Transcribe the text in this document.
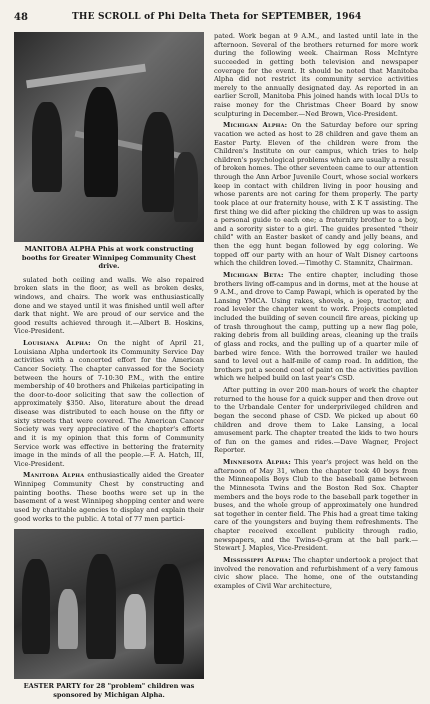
48	THE SCROLL of Phi Delta Theta for SEPTEMBER, 1964
MANITOBA ALPHA Phis at work constructing booths for Greater Winnipeg Community Chest drive.

sulated both ceiling and walls. We also repaired broken slats in the floor, as well as broken desks, windows, and chairs. The work was enthusiastically done and we stayed until it was finished until well after dark that night. We are proud of our service and the good results achieved through it.—Albert B. Hoskins, Vice-President.

Louisiana Alpha: On the night of April 21, Louisiana Alpha undertook its Community Service Day activities with a concerted effort for the American Cancer Society. The chapter canvassed for the Society between the hours of 7-10:30 P.M., with the entire membership of 40 brothers and Phikeias participating in the door-to-door soliciting that saw the collection of approximately $350. Also, literature about the dread disease was distributed to each house on the fifty or sixty streets that were covered. The American Cancer Society was very appreciative of the chapter's efforts and it is my opinion that this form of Community Service work was effective in bettering the fraternity image in the minds of all the people.—F. A. Hatch, III, Vice-President.

Manitoba Alpha enthusiastically aided the Greater Winnipeg Community Chest by constructing and painting booths. These booths were set up in the basement of a west Winnipeg shopping center and were used by charitable agencies to display and explain their good works to the public. A total of 77 men partici-

EASTER PARTY for 28 "problem" children was sponsored by Michigan Alpha.

pated. Work began at 9 A.M., and lasted until late in the afternoon. Several of the brothers returned for more work during the following week. Chairman Ross McIntyre succeeded in getting both television and newspaper coverage for the event. It should be noted that Manitoba Alpha did not restrict its community service activities merely to the annually designated day. As reported in an earlier Scroll, Manitoba Phis joined hands with local DUs to raise money for the Christmas Cheer Board by snow sculpturing in December.—Ned Brown, Vice-President.

Michigan Alpha: On the Saturday before our spring vacation we acted as host to 28 children and gave them an Easter Party. Eleven of the children were from the Children's Institute on our campus, which tries to help children's psychological problems which are usually a result of broken homes. The other seventeen came to our attention through the Ann Arbor Juvenile Court, whose social workers keep in contact with children living in poor housing and whose parents are not caring for them properly. The party took place at our fraternity house, with Σ Κ Τ assisting. The first thing we did after picking the children up was to assign a personal guide to each one; a fraternity brother to a boy, and a sorority sister to a girl. The guides presented "their child" with an Easter basket of candy and jelly beans, and then the egg hunt began followed by egg coloring. We topped off our party with an hour of Walt Disney cartoons which the children loved.—Timothy C. Stamnitz, Chairman.

Michigan Beta: The entire chapter, including those brothers living off-campus and in dorms, met at the house at 9 A.M., and drove to Camp Pawapi, which is operated by the Lansing YMCA. Using rakes, shovels, a jeep, tractor, and road leveler the chapter went to work. Projects completed included the building of seven council fire areas, picking up of trash throughout the camp, putting up a new flag pole, raking debris from all building areas, cleaning up the trails of glass and rocks, and the pulling up of a quarter mile of barbed wire fence. With the borrowed trailer we hauled sand to level out a half-mile of camp road. In addition, the brothers put a second coat of paint on the activities pavilion which we helped build on last year's CSD.

After putting in over 200 man-hours of work the chapter returned to the house for a quick supper and then drove out to the Urbandale Center for underprivileged children and began the second phase of CSD. We picked up about 60 children and drove them to Lake Lansing, a local amusement park. The chapter treated the kids to two hours of fun on the games and rides.—Dave Wagner, Project Reporter.

Minnesota Alpha: This year's project was held on the afternoon of May 31, when the chapter took 40 boys from the Minneapolis Boys Club to the baseball game between the Minnesota Twins and the Boston Red Sox. Chapter members and the boys rode to the baseball park together in buses, and the whole group of approximately one hundred sat together in center field. The Phis had a great time taking care of the youngsters and buying them refreshments. The chapter received excellent publicity through radio, newspapers, and the Twins-O-gram at the ball park.—Stewart J. Maples, Vice-President.

Mississippi Alpha: The chapter undertook a project that involved the renovation and refurbishment of a very famous civic show place. The home, one of the outstanding examples of Civil War architecture,
